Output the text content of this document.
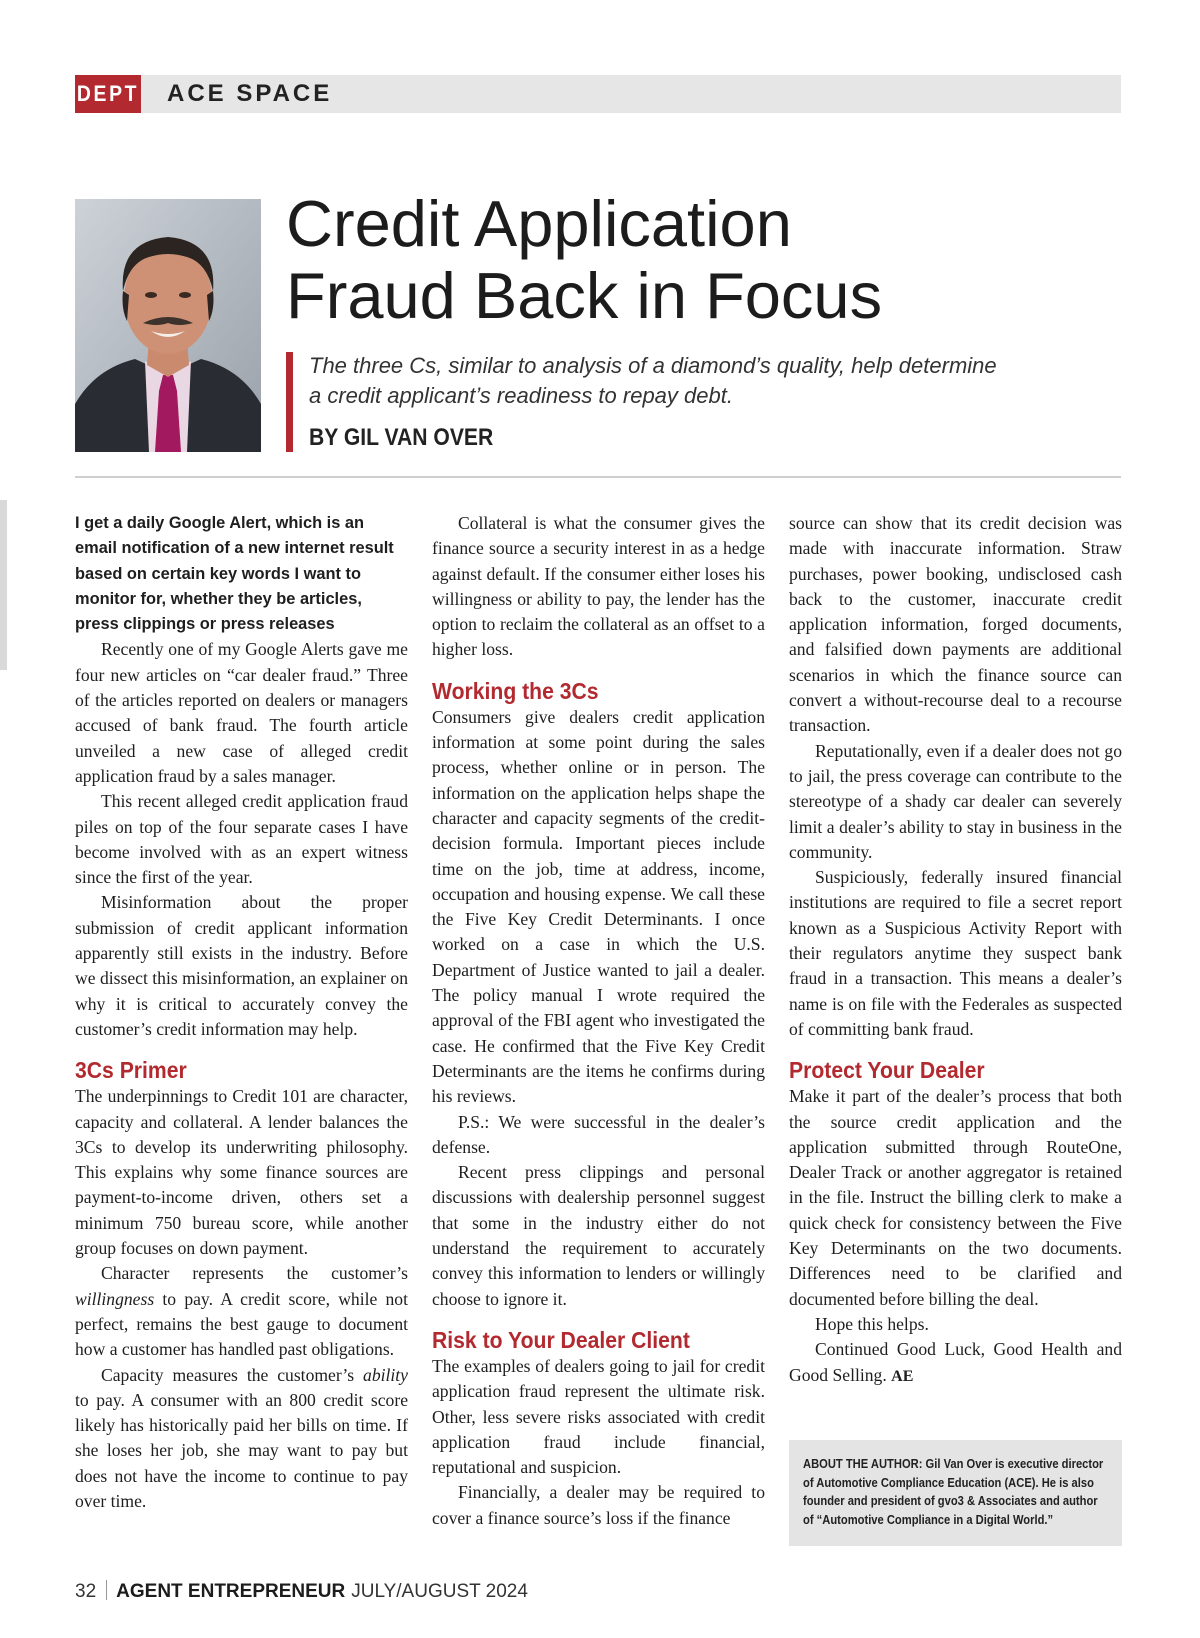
DEPT ACE SPACE
Credit Application
Fraud Back in Focus
The three Cs, similar to analysis of a diamond’s quality, help determine a credit applicant’s readiness to repay debt.
BY GIL VAN OVER

I get a daily Google Alert, which is an email notification of a new internet result based on certain key words I want to monitor for, whether they be articles, press clippings or press releases

Recently one of my Google Alerts gave me four new articles on “car dealer fraud.” Three of the articles reported on dealers or managers accused of bank fraud. The fourth article unveiled a new case of alleged credit application fraud by a sales manager.

This recent alleged credit application fraud piles on top of the four separate cases I have become involved with as an expert witness since the first of the year.

Misinformation about the proper submission of credit applicant information apparently still exists in the industry. Before we dissect this misinformation, an explainer on why it is critical to accurately convey the customer’s credit information may help.

3Cs Primer

The underpinnings to Credit 101 are character, capacity and collateral. A lender balances the 3Cs to develop its underwriting philosophy. This explains why some finance sources are payment-to-income driven, others set a minimum 750 bureau score, while another group focuses on down payment.

Character represents the customer’s willingness to pay. A credit score, while not perfect, remains the best gauge to document how a customer has handled past obligations.

Capacity measures the customer’s ability to pay. A consumer with an 800 credit score likely has historically paid her bills on time. If she loses her job, she may want to pay but does not have the income to continue to pay over time.

Collateral is what the consumer gives the finance source a security interest in as a hedge against default. If the consumer either loses his willingness or ability to pay, the lender has the option to reclaim the collateral as an offset to a higher loss.

Working the 3Cs

Consumers give dealers credit application information at some point during the sales process, whether online or in person. The information on the application helps shape the character and capacity segments of the credit-decision formula. Important pieces include time on the job, time at address, income, occupation and housing expense. We call these the Five Key Credit Determinants. I once worked on a case in which the U.S. Department of Justice wanted to jail a dealer. The policy manual I wrote required the approval of the FBI agent who investigated the case. He confirmed that the Five Key Credit Determinants are the items he confirms during his reviews.

P.S.: We were successful in the dealer’s defense.

Recent press clippings and personal discussions with dealership personnel suggest that some in the industry either do not understand the requirement to accurately convey this information to lenders or willingly choose to ignore it.

Risk to Your Dealer Client

The examples of dealers going to jail for credit application fraud represent the ultimate risk. Other, less severe risks associated with credit application fraud include financial, reputational and suspicion.

Financially, a dealer may be required to cover a finance source’s loss if the finance

source can show that its credit decision was made with inaccurate information. Straw purchases, power booking, undisclosed cash back to the customer, inaccurate credit application information, forged documents, and falsified down payments are additional scenarios in which the finance source can convert a without-recourse deal to a recourse transaction.

Reputationally, even if a dealer does not go to jail, the press coverage can contribute to the stereotype of a shady car dealer can severely limit a dealer’s ability to stay in business in the community.

Suspiciously, federally insured financial institutions are required to file a secret report known as a Suspicious Activity Report with their regulators anytime they suspect bank fraud in a transaction. This means a dealer’s name is on file with the Federales as suspected of committing bank fraud.

Protect Your Dealer

Make it part of the dealer’s process that both the source credit application and the application submitted through RouteOne, Dealer Track or another aggregator is retained in the file. Instruct the billing clerk to make a quick check for consistency between the Five Key Determinants on the two documents. Differences need to be clarified and documented before billing the deal.

Hope this helps.

Continued Good Luck, Good Health and Good Selling. AE

ABOUT THE AUTHOR: Gil Van Over is executive director of Automotive Compliance Education (ACE). He is also founder and president of gvo3 & Associates and author of “Automotive Compliance in a Digital World.”
32 AGENT ENTREPRENEUR JULY/AUGUST 2024
